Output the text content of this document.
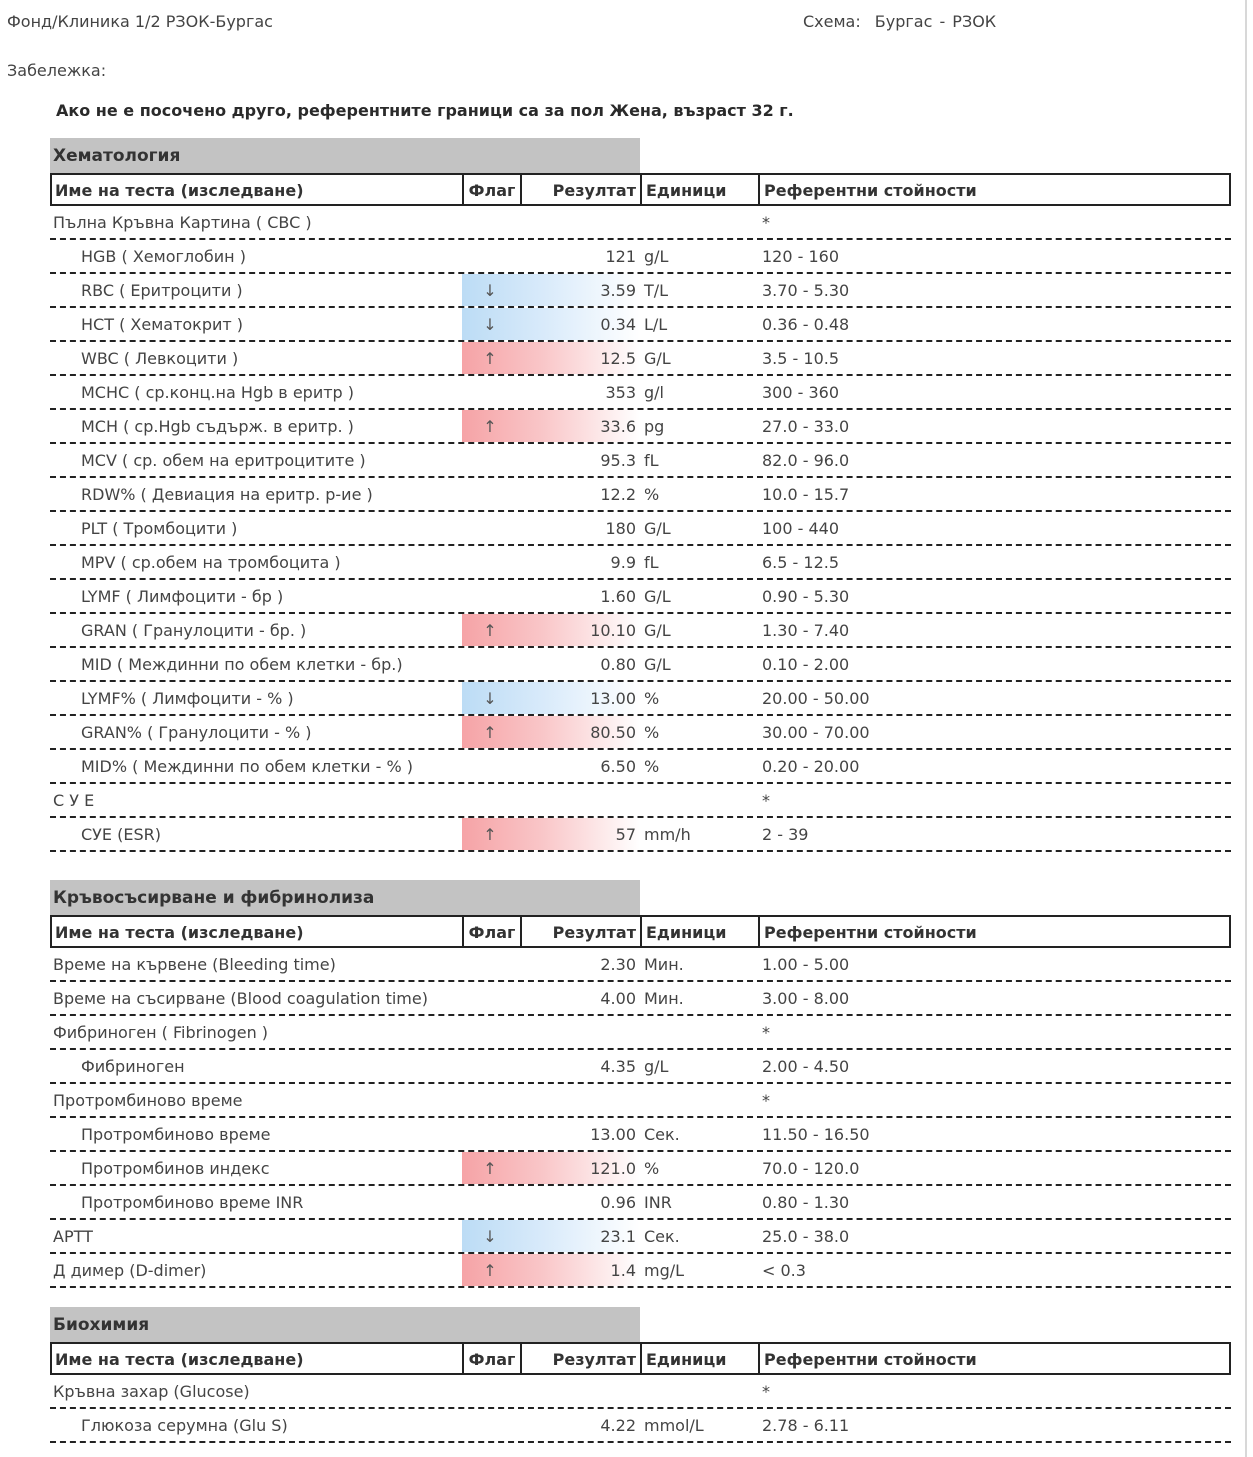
Фонд/Клиника 1/2 РЗОК-Бургас	Схема: Бургас - РЗОК
Забележка:
Ако не е посочено друго, референтните граници са за пол Жена, възраст 32 г.
Хематология
Име на теста (изследване)	Флаг	Резултат Единици	Референтни стойности
Пълна Кръвна Картина ( CBC )	*
HGB ( Хемоглобин )	121 g/L	120 - 160
RBC ( Еритроцити )	↓	3.59 T/L	3.70 - 5.30
HCT ( Хематокрит )	↓	0.34 L/L	0.36 - 0.48
WBC ( Левкоцити )	↑	12.5 G/L	3.5 - 10.5
MCHC ( ср.конц.на Hgb в еритр )	353 g/l	300 - 360
MCH ( ср.Hgb съдърж. в еритр. )	↑	33.6 pg	27.0 - 33.0
MCV ( ср. обем на еритроцитите )	95.3 fL	82.0 - 96.0
RDW% ( Девиация на еритр. р-ие )	12.2 %	10.0 - 15.7
PLT ( Тромбоцити )	180 G/L	100 - 440
MPV ( ср.обем на тромбоцита )	9.9 fL	6.5 - 12.5
LYMF ( Лимфоцити - бр )	1.60 G/L	0.90 - 5.30
GRAN ( Гранулоцити - бр. )	↑	10.10 G/L	1.30 - 7.40
MID ( Междинни по обем клетки - бр.)	0.80 G/L	0.10 - 2.00
LYMF% ( Лимфоцити - % )	↓	13.00 %	20.00 - 50.00
GRAN% ( Гранулоцити - % )	↑	80.50 %	30.00 - 70.00
MID% ( Междинни по обем клетки - % )	6.50 %	0.20 - 20.00
С У Е	*
СУЕ (ESR)	↑	57 mm/h	2 - 39
Кръвосъсирване и фибринолиза
Име на теста (изследване)	Флаг	Резултат Единици	Референтни стойности
Време на кървене (Bleeding time)	2.30 Мин.	1.00 - 5.00
Време на съсирване (Blood coagulation time)	4.00 Мин.	3.00 - 8.00
Фибриноген ( Fibrinogen )	*
Фибриноген	4.35 g/L	2.00 - 4.50
Протромбиново време	*
Протромбиново време	13.00 Сек.	11.50 - 16.50
Протромбинов индекс	↑	121.0 %	70.0 - 120.0
Протромбиново време INR	0.96 INR	0.80 - 1.30
APTT	↓	23.1 Сек.	25.0 - 38.0
Д димер (D-dimer)	↑	1.4 mg/L	< 0.3
Биохимия
Име на теста (изследване)	Флаг	Резултат Единици	Референтни стойности
Кръвна захар (Glucose)	*
Глюкоза серумна (Glu S)	4.22 mmol/L	2.78 - 6.11
